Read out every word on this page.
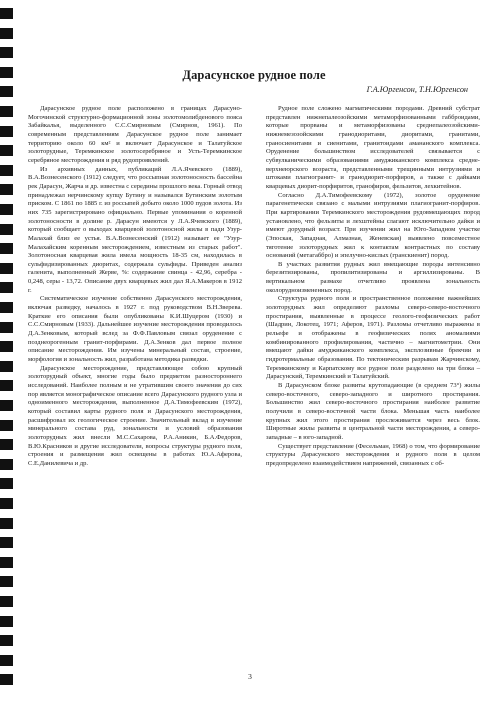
Дарасунское рудное поле
Г.А.Юргенсон, Т.Н.Юргенсон

Дарасунское рудное поле расположено в границах Дарасуно-Могочинской структурно-формационной зоны золотомолибденового пояса Забайкалья, выделенного С.С.Смирновым (Смирнов, 1961). По современным представлениям Дарасунское рудное поле занимает территорию около 60 км² и включает Дарасунское и Талатуйское золоторудные, Теремкинское золотосеребряное и Усть-Теремкинское серебряное месторождения и ряд рудопроявлений.

Из архивных данных, публикаций Л.А.Ячевского (1889), В.А.Вознесенского (1912) следует, что россыпная золотоносность бассейна рек Дарасун, Жарча и др. известна с середины прошлого века. Горный отвод принадлежал нерчинскому купцу Бутину и назывался Бутинским золотым приском. С 1861 по 1885 г. из россыпей добыто около 1000 пудов золота. Из них 735 зарегистрировано официально. Первые упоминания о коренной золотоносности в долине р. Дарасун имеются у Л.А.Ячевского (1889), который сообщает о выходах кварцевой золотоносной жилы в пади Узур-Малахай близ ее устья. В.А.Вознесенский (1912) называет ее "Узур-Малахайским коренным месторождением, известным из старых работ". Золотоносная кварцевая жила имела мощность 18-35 см, находилась в сульфидизированных диоритах, содержала сульфиды. Приведен анализ галенита, выполненный Жерве, %: содержание свинца - 42,96, серебра - 0,248, серы - 13,72. Описание двух кварцевых жил дал Я.А.Макеров в 1912 г.

Систематическое изучение собственно Дарасунского месторождения, включая разведку, началось в 1927 г. под руководством В.Н.Зверева. Краткие его описания были опубликованы К.И.Шуцером (1930) и С.С.Смирновым (1933). Дальнейшее изучение месторождения проводилось Д.А.Зенковым, который вслед за Ф.Ф.Павловым связал оруденение с позднеорогенным гранит-порфирами. Д.А.Зенков дал первое полное описание месторождения. Им изучены минеральный состав, строение, морфология и зональность жил, разработана методика разведки.

Дарасунское месторождение, представляющее собою крупный золоторудный объект, многие годы было предметом разностороннего исследований. Наиболее полным и не утратившим своего значения до сих пор является монографическое описание всего Дарасунского рудного узла и одноименного месторождения, выполненное Д.А.Тимофеевским (1972), который составил карты рудного поля и Дарасунского месторождения, расшифровал их геологическое строение. Значительный вклад в изучение минерального состава руд, зональности и условий образования золоторудных жил внесли М.С.Сахарова, Р.А.Аникин, Б.А.Федоров, В.Ю.Красников и другие исследователи, вопросы структуры рудного поля, строения и размещения жил освещены в работах Ю.А.Аферова, С.Е.Данилевича и др.

Рудное поле сложено магматическими породами. Древний субстрат представлен нижнепалеозойскими метаморфизованными габброидами, которые прорваны и метаморфизованы среднепалеозойскими-нижнемезозойскими гранодиоритами, диоритами, гранитами, граносиенитами и сиенитами, гранитоидами амананского комплекса. Оруденение большинством исследователей связывается с субвулканическими образованиями амуджиканского комплекса средне-верхнеюрского возраста, представленными трещинными интрузиями и штоками плагиогранит- и гранодиорит-порфиров, а также с дайками кварцевых диорит-порфиритов, гранофиров, фельзитов, лехкитейнов.

Согласно Д.А.Тимофеевскому (1972), золотое оруденение парагенетически связано с малыми интрузиями плагиогранит-порфиров. При картировании Теремкинского месторождения рудовмещающих пород установлено, что фельзиты и лехштейны слагают исключительно дайки и имеют дорудный возраст. При изучении жил на Юго-Западном участке (Эпоская, Западная, Алмазная, Женевская) выявлено повсеместное тяготение золоторудных жил к контактам контрастных по составу оснований (метагаббро) и эпелучно-кислых (гранскиенит) пород.

В участках развития рудных жил вмещающие породы интенсивно березитизированы, пропилитизированы и аргиллизированы. В вертикальном размахе отчетливо проявлена зональность околорудноизмененных пород.

Структура рудного поля и пространственное положение важнейших золоторудных жил определяют разломы северо-северо-восточного простирания, выявленные в процессе геолого-геофизических работ (Шадрин, Локотец, 1971; Аферов, 1971). Разломы отчетливо выражены в рельефе и отображены в геофизических полях аномалиями комбинированного профилирования, частично – магнитометрии. Они вмещают дайки амуджиканского комплекса, эксплозивные брекчии и гидротермальные образования. По тектоническим разрывам Жарчинскому, Теремкинскому и Карпатскому все рудное поле разделено на три блока – Дарасунский, Теремкинский и Талатуйский.

В Дарасунском блоке развиты крутопадающие (в среднем 73°) жилы северо-восточного, северо-западного и широтного простирания. Большинство жил северо-восточного простирания наиболее развитие получили в северо-восточной части блока. Меньшая часть наиболее крупных жил этого простирания прослеживается через весь блок. Широтные жилы развиты в центральной части месторождения, а северо-западные – в юго-западной.

Существует представление (Фесельман, 1968) о том, что формирование структуры Дарасунского месторождения и рудного поля в целом предопределено взаимодействием напряжений, связанных с об-

3
